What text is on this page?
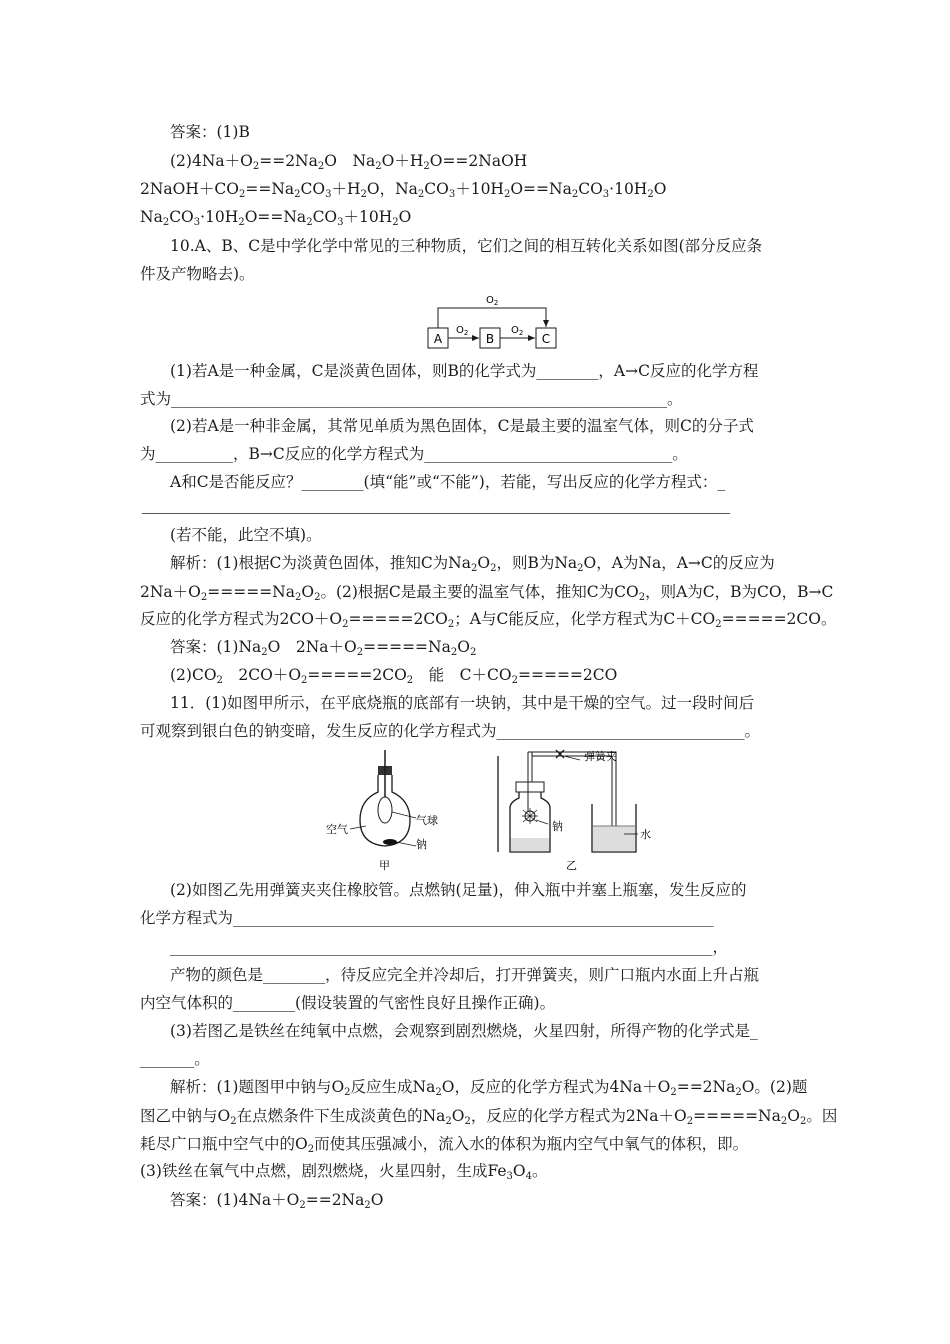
答案：(1)B
$(2)4Na+O_2==2Na_2O$　$Na_2O+H_2O==2NaOH$
$2NaOH+CO_2==Na_2CO_3+H_2O$，$Na_2CO_3+10H_2O==Na_2CO_3\cdot 10H_2O$
$Na_2CO_3\cdot 10H_2O==Na_2CO_3+10H_2O$
10.A、B、C是中学化学中常见的三种物质，它们之间的相互转化关系如图(部分反应条
件及产物略去)。
A	B	C
$O_2$
$O_2$	$O_2$
(1)若A是一种金属，C是淡黄色固体，则B的化学式为________，A→C反应的化学方程
式为________________________________________________________________。
(2)若A是一种非金属，其常见单质为黑色固体，C是最主要的温室气体，则C的分子式
为__________，B→C反应的化学方程式为________________________________。
A和C是否能反应？________(填“能”或“不能”)，若能，写出反应的化学方程式：_
(若不能，此空不填)。
解析：(1)根据C为淡黄色固体，推知C为$Na_2O_2$，则B为$Na_2O$，A为Na，A→C的反应为
$2Na+O_2=====Na_2O_2$。(2)根据C是最主要的温室气体，推知C为$CO_2$，则A为C，B为CO，B→C
反应的化学方程式为$2CO+O_2=====2CO_2$；A与C能反应，化学方程式为$C+CO_2=====2CO$。
答案：$(1)Na_2O$　$2Na+O_2=====Na_2O_2$
$(2)CO_2$　$2CO+O_2=====2CO_2$　能　$C+CO_2=====2CO$
11．(1)如图甲所示，在平底烧瓶的底部有一块钠，其中是干燥的空气。过一段时间后
可观察到银白色的钠变暗，发生反应的化学方程式为________________________________。
空气
气球
钠
甲
弹簧夹
钠
水
乙
(2)如图乙先用弹簧夹夹住橡胶管。点燃钠(足量)，伸入瓶中并塞上瓶塞，发生反应的
化学方程式为______________________________________________________________
______________________________________________________________________，
产物的颜色是________，待反应完全并冷却后，打开弹簧夹，则广口瓶内水面上升占瓶
内空气体积的________(假设装置的气密性良好且操作正确)。
(3)若图乙是铁丝在纯氧中点燃，会观察到剧烈燃烧，火星四射，所得产物的化学式是_
_______。
解析：(1)题图甲中钠与$O_2$反应生成$Na_2O$，反应的化学方程式为$4Na+O_2==2Na_2O$。(2)题
图乙中钠与$O_2$在点燃条件下生成淡黄色的$Na_2O_2$，反应的化学方程式为$2Na+O_2=====Na_2O_2$。因
耗尽广口瓶中空气中的$O_2$而使其压强减小，流入水的体积为瓶内空气中氧气的体积，即。
(3)铁丝在氧气中点燃，剧烈燃烧，火星四射，生成$Fe_3O_4$。
答案：$(1)4Na+O_2==2Na_2O$
